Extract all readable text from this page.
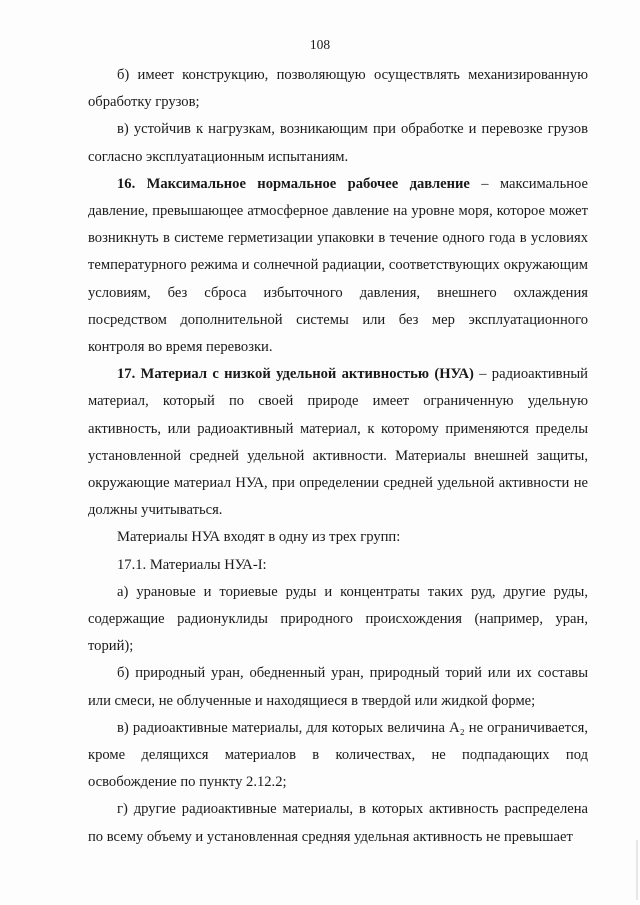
108

б) имеет конструкцию, позволяющую осуществлять механизированную обработку грузов;

в) устойчив к нагрузкам, возникающим при обработке и перевозке грузов согласно эксплуатационным испытаниям.

16. Максимальное нормальное рабочее давление – максимальное давление, превышающее атмосферное давление на уровне моря, которое может возникнуть в системе герметизации упаковки в течение одного года в условиях температурного режима и солнечной радиации, соответствующих окружающим условиям, без сброса избыточного давления, внешнего охлаждения посредством дополнительной системы или без мер эксплуатационного контроля во время перевозки.

17. Материал с низкой удельной активностью (НУА) – радиоактивный материал, который по своей природе имеет ограниченную удельную активность, или радиоактивный материал, к которому применяются пределы установленной средней удельной активности. Материалы внешней защиты, окружающие материал НУА, при определении средней удельной активности не должны учитываться.

Материалы НУА входят в одну из трех групп:

17.1. Материалы НУА-I:

а) урановые и ториевые руды и концентраты таких руд, другие руды, содержащие радионуклиды природного происхождения (например, уран, торий);

б) природный уран, обедненный уран, природный торий или их составы или смеси, не облученные и находящиеся в твердой или жидкой форме;

в) радиоактивные материалы, для которых величина A₂ не ограничивается, кроме делящихся материалов в количествах, не подпадающих под освобождение по пункту 2.12.2;

г) другие радиоактивные материалы, в которых активность распределена по всему объему и установленная средняя удельная активность не превышает
